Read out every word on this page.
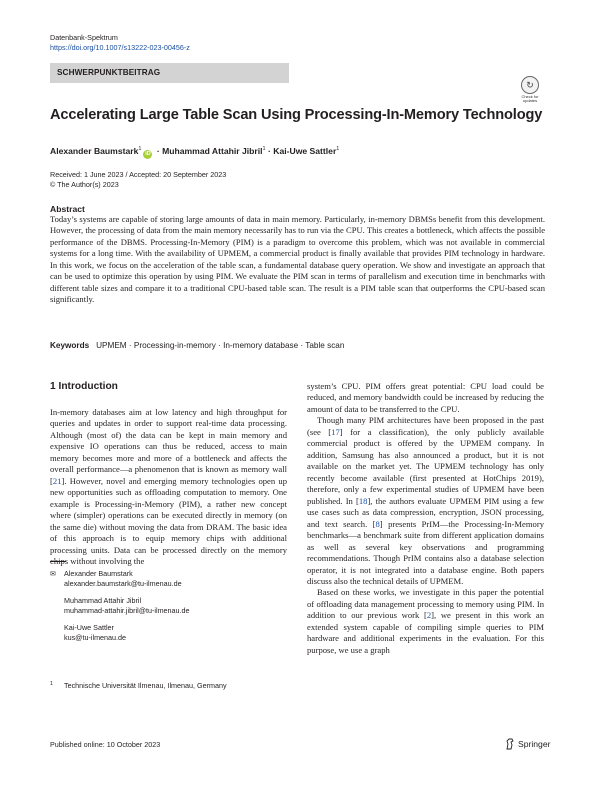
Datenbank-Spektrum
https://doi.org/10.1007/s13222-023-00456-z
SCHWERPUNKTBEITRAG
↻
Check for
updates
Accelerating Large Table Scan Using Processing-In-Memory Technology
Alexander Baumstark$^1$iD · Muhammad Attahir Jibril$^1$ · Kai-Uwe Sattler$^1$
Received: 1 June 2023 / Accepted: 20 September 2023
© The Author(s) 2023
Abstract
Today’s systems are capable of storing large amounts of data in main memory. Particularly, in-memory DBMSs benefit from this development. However, the processing of data from the main memory necessarily has to run via the CPU. This creates a bottleneck, which affects the possible performance of the DBMS. Processing-In-Memory (PIM) is a paradigm to overcome this problem, which was not available in commercial systems for a long time. With the availability of UPMEM, a commercial product is finally available that provides PIM technology in hardware. In this work, we focus on the acceleration of the table scan, a fundamental database query operation. We show and investigate an approach that can be used to optimize this operation by using PIM. We evaluate the PIM scan in terms of parallelism and execution time in benchmarks with different table sizes and compare it to a traditional CPU-based table scan. The result is a PIM table scan that outperforms the CPU-based scan significantly.
Keywords UPMEM · Processing-in-memory · In-memory database · Table scan
1 Introduction

In-memory databases aim at low latency and high throughput for queries and updates in order to support real-time data processing. Although (most of) the data can be kept in main memory and expensive IO operations can thus be reduced, access to main memory becomes more and more of a bottleneck and affects the overall performance—a phenomenon that is known as memory wall [21]. However, novel and emerging memory technologies open up new opportunities such as offloading computation to memory. One example is Processing-in-Memory (PIM), a rather new concept where (simpler) operations can be executed directly in memory (on the same die) without moving the data from DRAM. The basic idea of this approach is to equip memory chips with additional processing units. Data can be processed directly on the memory chips without involving the

system’s CPU. PIM offers great potential: CPU load could be reduced, and memory bandwidth could be increased by reducing the amount of data to be transferred to the CPU.

Though many PIM architectures have been proposed in the past (see [17] for a classification), the only publicly available commercial product is offered by the UPMEM company. In addition, Samsung has also announced a product, but it is not available on the market yet. The UPMEM technology has only recently become available (first presented at HotChips 2019), therefore, only a few experimental studies of UPMEM have been published. In [18], the authors evaluate UPMEM PIM using a few use cases such as data compression, encryption, JSON processing, and text search. [8] presents PrIM—the Processing-In-Memory benchmarks—a benchmark suite from different application domains as well as several key observations and programming recommendations. Though PrIM contains also a database selection operator, it is not integrated into a database engine. Both papers discuss also the technical details of UPMEM.

Based on these works, we investigate in this paper the potential of offloading data management processing to memory using PIM. In addition to our previous work [2], we present in this work an extended system capable of compiling simple queries to PIM hardware and additional experiments in the evaluation. For this purpose, we use a graph

✉ Alexander Baumstark
alexander.baumstark@tu-ilmenau.de
Muhammad Attahir Jibril
muhammad-attahir.jibril@tu-ilmenau.de
Kai-Uwe Sattler
kus@tu-ilmenau.de
$^1$ Technische Universität Ilmenau, Ilmenau, Germany
Published online: 10 October 2023	Springer
